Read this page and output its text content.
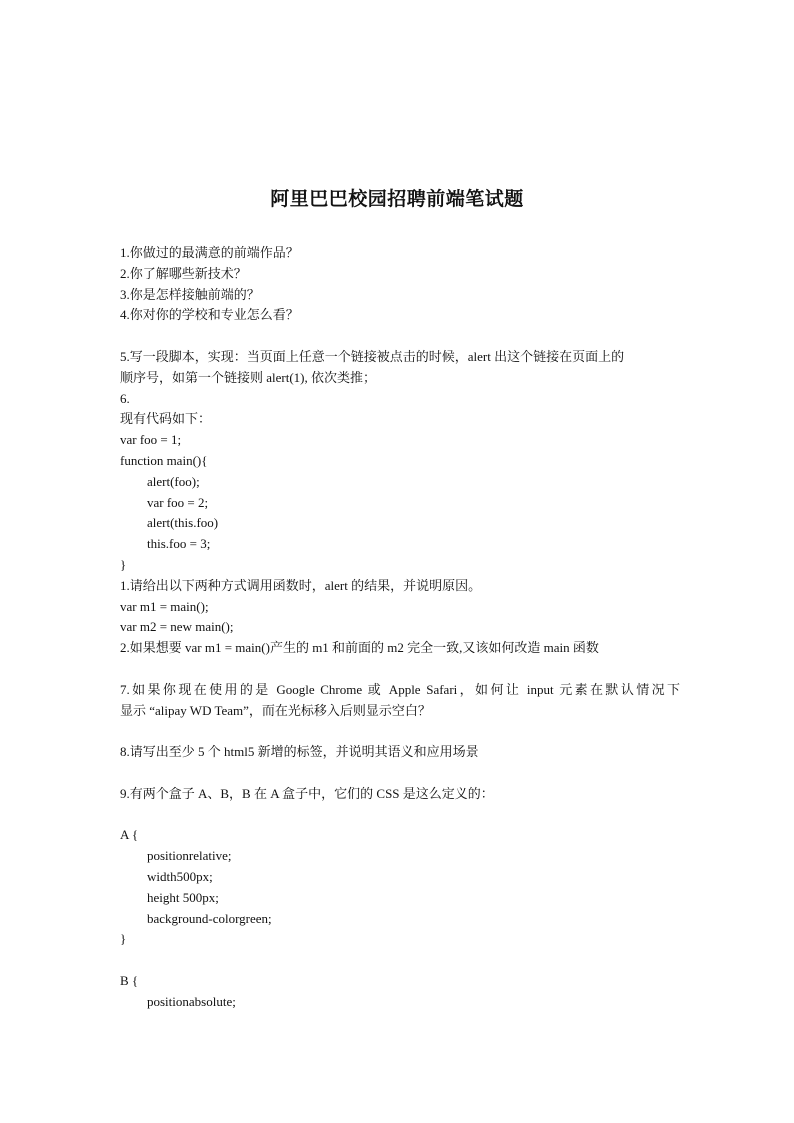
阿里巴巴校园招聘前端笔试题
1.你做过的最满意的前端作品？
2.你了解哪些新技术？
3.你是怎样接触前端的？
4.你对你的学校和专业怎么看？
5.写一段脚本，实现：当页面上任意一个链接被点击的时候，alert 出这个链接在页面上的
顺序号，如第一个链接则 alert(1), 依次类推；
6.
现有代码如下：
var foo = 1;
function main(){
alert(foo);
var foo = 2;
alert(this.foo)
this.foo = 3;
}
1.请给出以下两种方式调用函数时，alert 的结果，并说明原因。
var m1 = main();
var m2 = new main();
2.如果想要 var m1 = main()产生的 m1 和前面的 m2 完全一致,又该如何改造 main 函数
7.如果你现在使用的是 Google Chrome 或 Apple Safari，如何让 input 元素在默认情况下
显示 “alipay WD Team”，而在光标移入后则显示空白？
8.请写出至少 5 个 html5 新增的标签，并说明其语义和应用场景
9.有两个盒子 A、B，B 在 A 盒子中，它们的 CSS 是这么定义的：
A {
positionrelative;
width500px;
height 500px;
background-colorgreen;
}
B {
positionabsolute;
